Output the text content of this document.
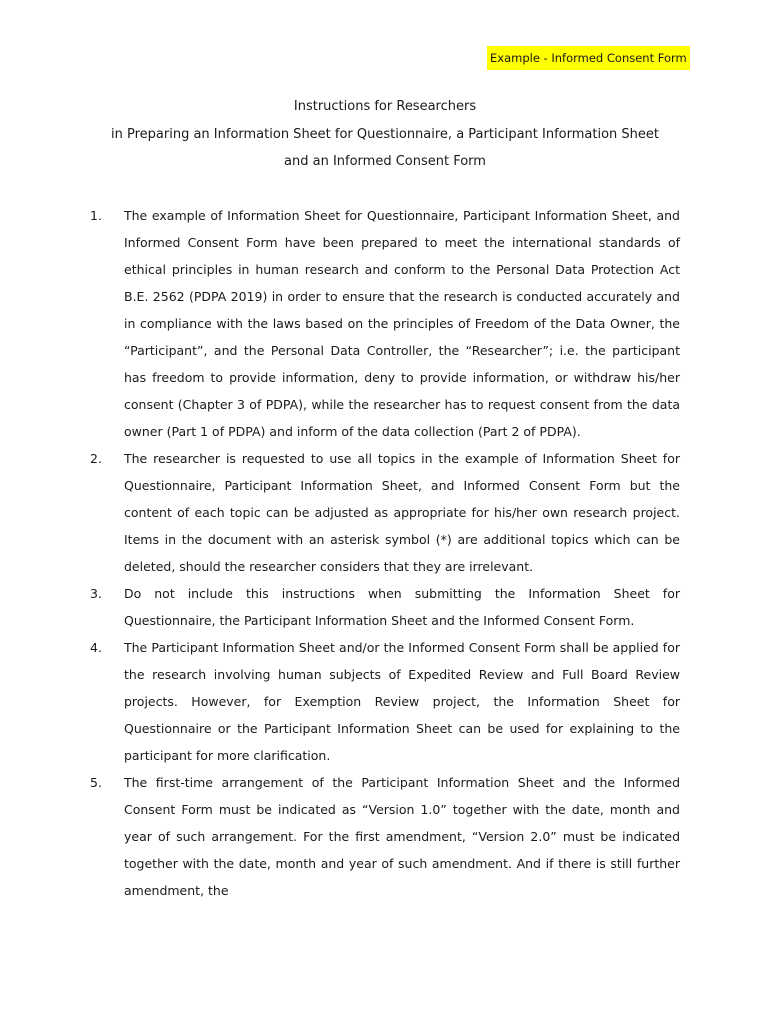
Example - Informed Consent Form
Instructions for Researchers
in Preparing an Information Sheet for Questionnaire, a Participant Information Sheet
and an Informed Consent Form
1. The example of Information Sheet for Questionnaire, Participant Information Sheet, and Informed Consent Form have been prepared to meet the international standards of ethical principles in human research and conform to the Personal Data Protection Act B.E. 2562 (PDPA 2019) in order to ensure that the research is conducted accurately and in compliance with the laws based on the principles of Freedom of the Data Owner, the “Participant”, and the Personal Data Controller, the “Researcher”; i.e. the participant has freedom to provide information, deny to provide information, or withdraw his/her consent (Chapter 3 of PDPA), while the researcher has to request consent from the data owner (Part 1 of PDPA) and inform of the data collection (Part 2 of PDPA).
2. The researcher is requested to use all topics in the example of Information Sheet for Questionnaire, Participant Information Sheet, and Informed Consent Form but the content of each topic can be adjusted as appropriate for his/her own research project. Items in the document with an asterisk symbol (*) are additional topics which can be deleted, should the researcher considers that they are irrelevant.
3. Do not include this instructions when submitting the Information Sheet for Questionnaire, the Participant Information Sheet and the Informed Consent Form.
4. The Participant Information Sheet and/or the Informed Consent Form shall be applied for the research involving human subjects of Expedited Review and Full Board Review projects. However, for Exemption Review project, the Information Sheet for Questionnaire or the Participant Information Sheet can be used for explaining to the participant for more clarification.
5. The first-time arrangement of the Participant Information Sheet and the Informed Consent Form must be indicated as “Version 1.0” together with the date, month and year of such arrangement. For the first amendment, “Version 2.0” must be indicated together with the date, month and year of such amendment. And if there is still further amendment, the
